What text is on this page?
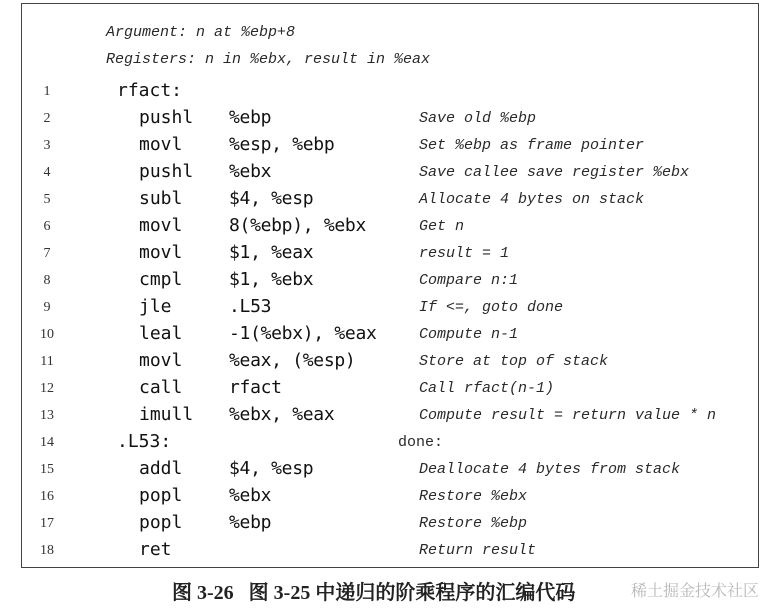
Argument: n at %ebp+8
Registers: n in %ebx, result in %eax
1	rfact:
2	pushl %ebp	Save old %ebp
3	movl	%esp, %ebp	Set %ebp as frame pointer
4	pushl %ebx	Save callee save register %ebx
5	subl	$4, %esp	Allocate 4 bytes on stack
6	movl	8(%ebp), %ebx	Get n
7	movl	$1, %eax	result = 1
8	cmpl	$1, %ebx	Compare n:1
9	jle	.L53	If <=, goto done
10	leal	-1(%ebx), %eax	Compute n-1
11	movl	%eax, (%esp)	Store at top of stack
12	call	rfact	Call rfact(n-1)
13	imull %ebx, %eax	Compute result = return value * n
14	.L53:	done:
15	addl	$4, %esp	Deallocate 4 bytes from stack
16	popl	%ebx	Restore %ebx
17	popl	%ebp	Restore %ebp
18	ret	Return result
图 3-26 图 3-25 中递归的阶乘程序的汇编代码	稀土掘金技术社区
